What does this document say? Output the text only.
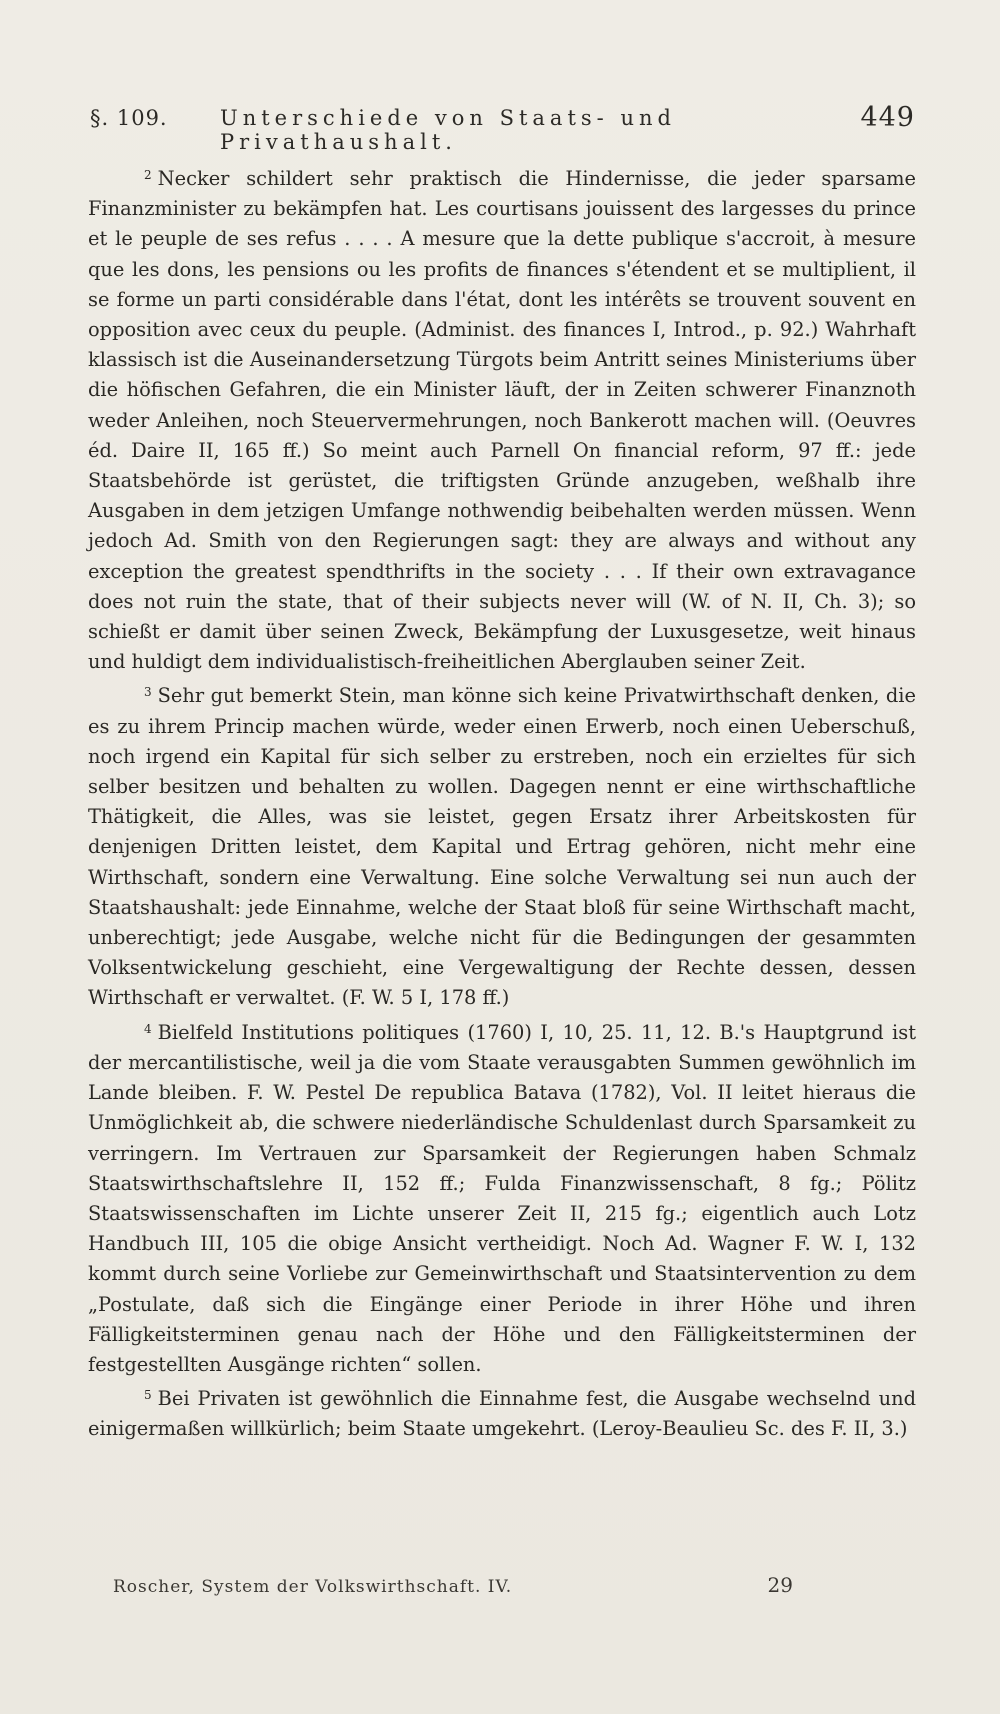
§. 109. Unterschiede von Staats- und Privathaushalt.
449

$^2$ Necker schildert sehr praktisch die Hindernisse, die jeder sparsame Finanzminister zu bekämpfen hat. Les courtisans jouissent des largesses du prince et le peuple de ses refus . . . . A mesure que la dette publique s'accroit, à mesure que les dons, les pensions ou les profits de finances s'étendent et se multiplient, il se forme un parti considérable dans l'état, dont les intérêts se trouvent souvent en opposition avec ceux du peuple. (Administ. des finances I, Introd., p. 92.) Wahrhaft klassisch ist die Auseinandersetzung Türgots beim Antritt seines Ministeriums über die höfischen Gefahren, die ein Minister läuft, der in Zeiten schwerer Finanznoth weder Anleihen, noch Steuervermehrungen, noch Bankerott machen will. (Oeuvres éd. Daire II, 165 ff.) So meint auch Parnell On financial reform, 97 ff.: jede Staatsbehörde ist gerüstet, die triftigsten Gründe anzugeben, weßhalb ihre Ausgaben in dem jetzigen Umfange nothwendig beibehalten werden müssen. Wenn jedoch Ad. Smith von den Regierungen sagt: they are always and without any exception the greatest spendthrifts in the society . . . If their own extravagance does not ruin the state, that of their subjects never will (W. of N. II, Ch. 3); so schießt er damit über seinen Zweck, Bekämpfung der Luxusgesetze, weit hinaus und huldigt dem individualistisch-freiheitlichen Aberglauben seiner Zeit.

$^3$ Sehr gut bemerkt Stein, man könne sich keine Privatwirthschaft denken, die es zu ihrem Princip machen würde, weder einen Erwerb, noch einen Ueberschuß, noch irgend ein Kapital für sich selber zu erstreben, noch ein erzieltes für sich selber besitzen und behalten zu wollen. Dagegen nennt er eine wirthschaftliche Thätigkeit, die Alles, was sie leistet, gegen Ersatz ihrer Arbeitskosten für denjenigen Dritten leistet, dem Kapital und Ertrag gehören, nicht mehr eine Wirthschaft, sondern eine Verwaltung. Eine solche Verwaltung sei nun auch der Staatshaushalt: jede Einnahme, welche der Staat bloß für seine Wirthschaft macht, unberechtigt; jede Ausgabe, welche nicht für die Bedingungen der gesammten Volksentwickelung geschieht, eine Vergewaltigung der Rechte dessen, dessen Wirthschaft er verwaltet. (F. W. 5 I, 178 ff.)

$^4$ Bielfeld Institutions politiques (1760) I, 10, 25. 11, 12. B.'s Hauptgrund ist der mercantilistische, weil ja die vom Staate verausgabten Summen gewöhnlich im Lande bleiben. F. W. Pestel De republica Batava (1782), Vol. II leitet hieraus die Unmöglichkeit ab, die schwere niederländische Schuldenlast durch Sparsamkeit zu verringern. Im Vertrauen zur Sparsamkeit der Regierungen haben Schmalz Staatswirthschaftslehre II, 152 ff.; Fulda Finanzwissenschaft, 8 fg.; Pölitz Staatswissenschaften im Lichte unserer Zeit II, 215 fg.; eigentlich auch Lotz Handbuch III, 105 die obige Ansicht vertheidigt. Noch Ad. Wagner F. W. I, 132 kommt durch seine Vorliebe zur Gemeinwirthschaft und Staatsintervention zu dem „Postulate, daß sich die Eingänge einer Periode in ihrer Höhe und ihren Fälligkeitsterminen genau nach der Höhe und den Fälligkeitsterminen der festgestellten Ausgänge richten“ sollen.

$^5$ Bei Privaten ist gewöhnlich die Einnahme fest, die Ausgabe wechselnd und einigermaßen willkürlich; beim Staate umgekehrt. (Leroy-Beaulieu Sc. des F. II, 3.)

Roscher, System der Volkswirthschaft. IV.	29
